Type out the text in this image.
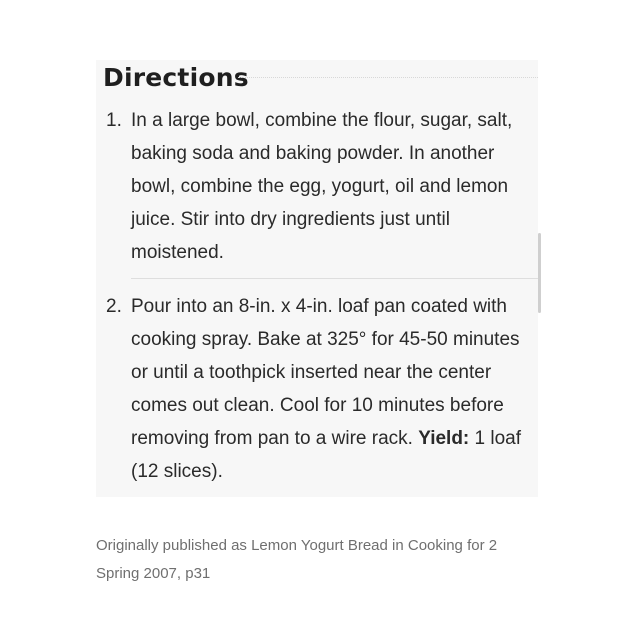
Directions
1. In a large bowl, combine the flour, sugar, salt, baking soda and baking powder. In another bowl, combine the egg, yogurt, oil and lemon juice. Stir into dry ingredients just until moistened.
2. Pour into an 8-in. x 4-in. loaf pan coated with cooking spray. Bake at 325° for 45-50 minutes or until a toothpick inserted near the center comes out clean. Cool for 10 minutes before removing from pan to a wire rack. Yield: 1 loaf (12 slices).
Originally published as Lemon Yogurt Bread in Cooking for 2 Spring 2007, p31
